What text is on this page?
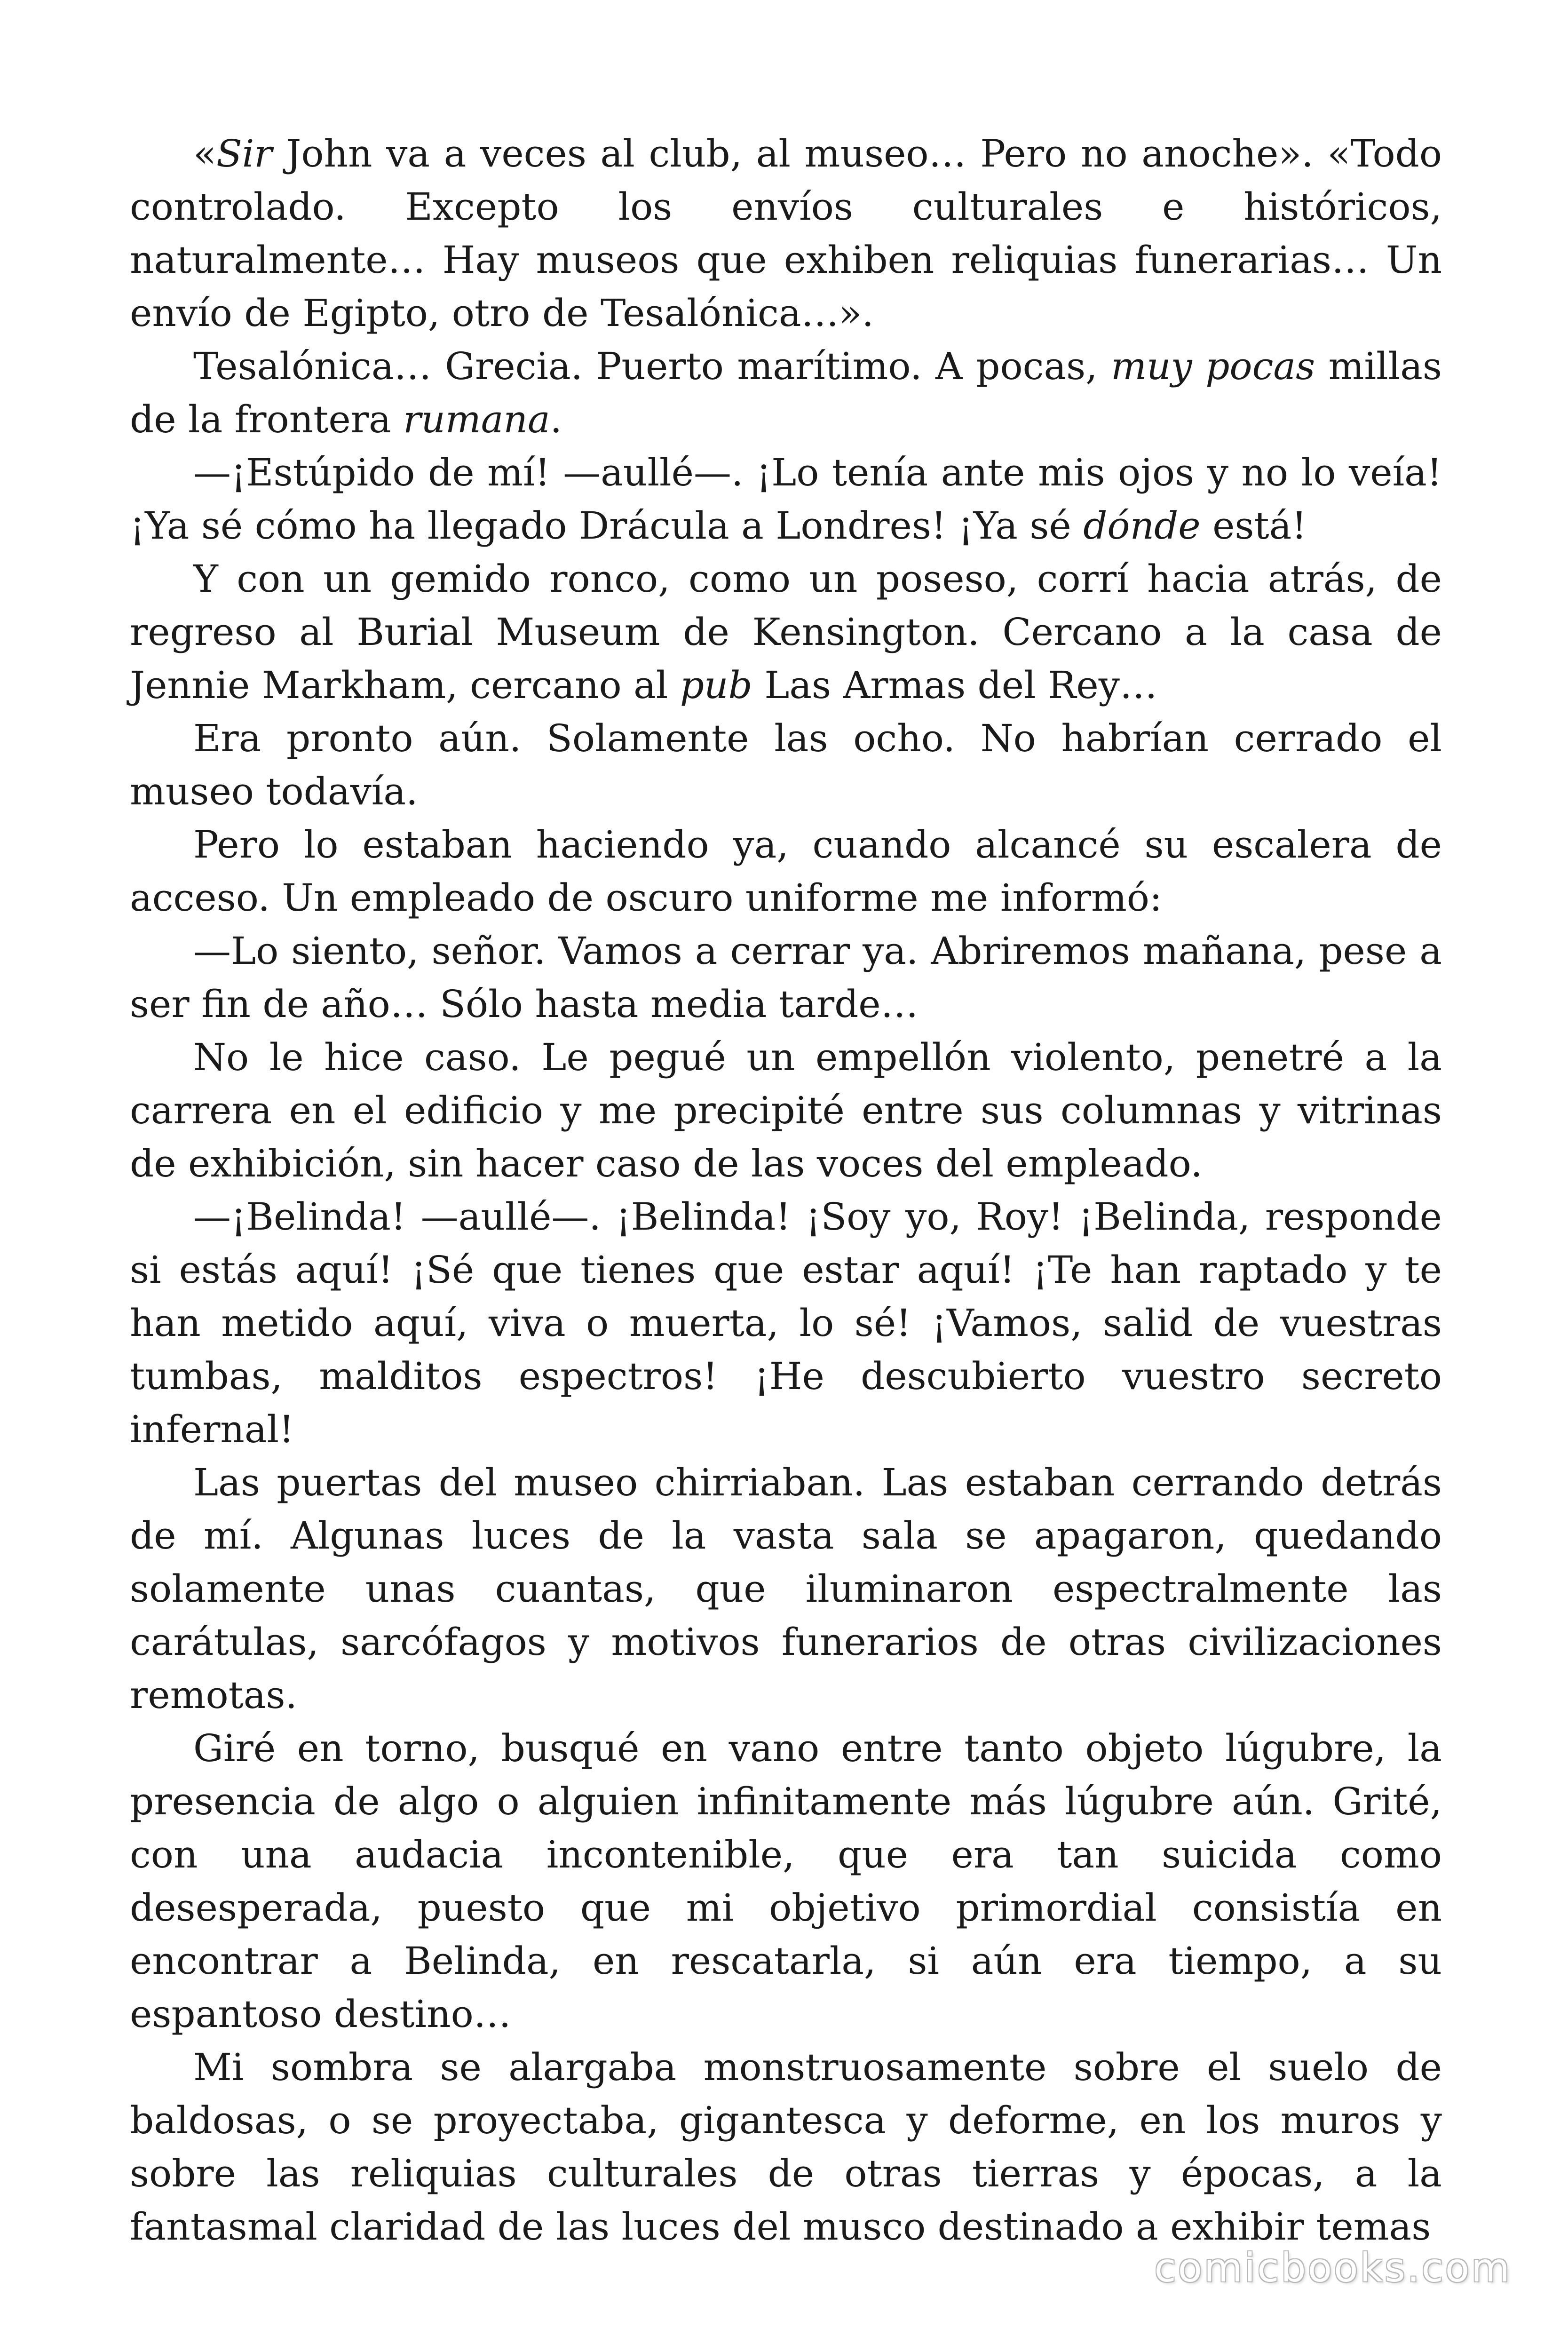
«Sir John va a veces al club, al museo… Pero no anoche». «Todo controlado. Excepto los envíos culturales e históricos, naturalmente… Hay museos que exhiben reliquias funerarias… Un envío de Egipto, otro de Tesalónica…».

Tesalónica… Grecia. Puerto marítimo. A pocas, muy pocas millas de la frontera rumana.

—¡Estúpido de mí! —aullé—. ¡Lo tenía ante mis ojos y no lo veía! ¡Ya sé cómo ha llegado Drácula a Londres! ¡Ya sé dónde está!

Y con un gemido ronco, como un poseso, corrí hacia atrás, de regreso al Burial Museum de Kensington. Cercano a la casa de Jennie Markham, cercano al pub Las Armas del Rey…

Era pronto aún. Solamente las ocho. No habrían cerrado el museo todavía.

Pero lo estaban haciendo ya, cuando alcancé su escalera de acceso. Un empleado de oscuro uniforme me informó:

—Lo siento, señor. Vamos a cerrar ya. Abriremos mañana, pese a ser fin de año… Sólo hasta media tarde…

No le hice caso. Le pegué un empellón violento, penetré a la carrera en el edificio y me precipité entre sus columnas y vitrinas de exhibición, sin hacer caso de las voces del empleado.

—¡Belinda! —aullé—. ¡Belinda! ¡Soy yo, Roy! ¡Belinda, responde si estás aquí! ¡Sé que tienes que estar aquí! ¡Te han raptado y te han metido aquí, viva o muerta, lo sé! ¡Vamos, salid de vuestras tumbas, malditos espectros! ¡He descubierto vuestro secreto infernal!

Las puertas del museo chirriaban. Las estaban cerrando detrás de mí. Algunas luces de la vasta sala se apagaron, quedando solamente unas cuantas, que iluminaron espectralmente las carátulas, sarcófagos y motivos funerarios de otras civilizaciones remotas.

Giré en torno, busqué en vano entre tanto objeto lúgubre, la presencia de algo o alguien infinitamente más lúgubre aún. Grité, con una audacia incontenible, que era tan suicida como desesperada, puesto que mi objetivo primordial consistía en encontrar a Belinda, en rescatarla, si aún era tiempo, a su espantoso destino…

Mi sombra se alargaba monstruosamente sobre el suelo de baldosas, o se proyectaba, gigantesca y deforme, en los muros y sobre las reliquias culturales de otras tierras y épocas, a la fantasmal claridad de las luces del musco destinado a exhibir temas

comicbooks.com
